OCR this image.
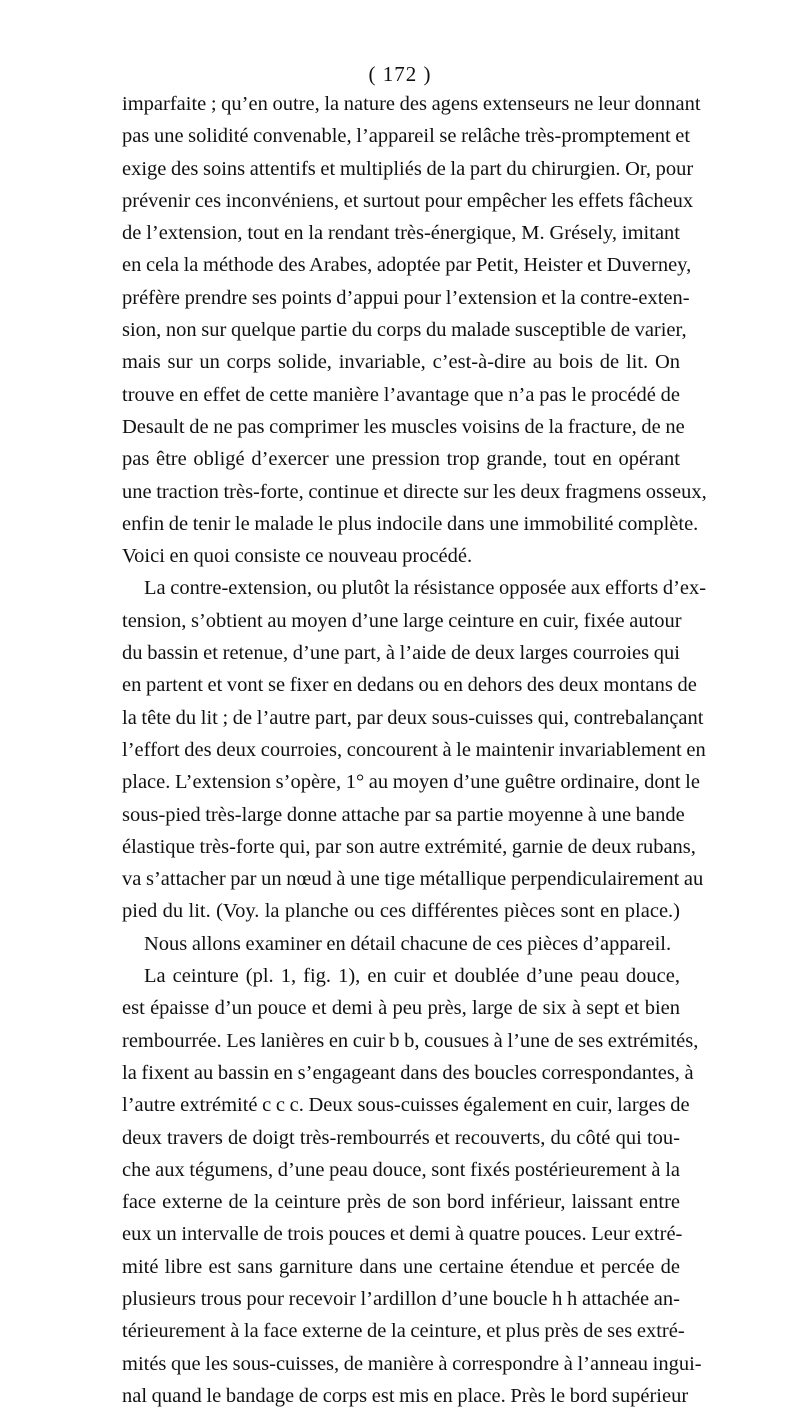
( 172 )
imparfaite ; qu’en outre, la nature des agens extenseurs ne leur donnant
pas une solidité convenable, l’appareil se relâche très-promptement et
exige des soins attentifs et multipliés de la part du chirurgien. Or, pour
prévenir ces inconvéniens, et surtout pour empêcher les effets fâcheux
de l’extension, tout en la rendant très-énergique, M. Grésely, imitant
en cela la méthode des Arabes, adoptée par Petit, Heister et Duverney,
préfère prendre ses points d’appui pour l’extension et la contre-exten-
sion, non sur quelque partie du corps du malade susceptible de varier,
mais sur un corps solide, invariable, c’est-à-dire au bois de lit. On
trouve en effet de cette manière l’avantage que n’a pas le procédé de
Desault de ne pas comprimer les muscles voisins de la fracture, de ne
pas être obligé d’exercer une pression trop grande, tout en opérant
une traction très-forte, continue et directe sur les deux fragmens osseux,
enfin de tenir le malade le plus indocile dans une immobilité complète.
Voici en quoi consiste ce nouveau procédé.
La contre-extension, ou plutôt la résistance opposée aux efforts d’ex-
tension, s’obtient au moyen d’une large ceinture en cuir, fixée autour
du bassin et retenue, d’une part, à l’aide de deux larges courroies qui
en partent et vont se fixer en dedans ou en dehors des deux montans de
la tête du lit ; de l’autre part, par deux sous-cuisses qui, contrebalançant
l’effort des deux courroies, concourent à le maintenir invariablement en
place. L’extension s’opère, 1° au moyen d’une guêtre ordinaire, dont le
sous-pied très-large donne attache par sa partie moyenne à une bande
élastique très-forte qui, par son autre extrémité, garnie de deux rubans,
va s’attacher par un nœud à une tige métallique perpendiculairement au
pied du lit. (Voy. la planche ou ces différentes pièces sont en place.)
Nous allons examiner en détail chacune de ces pièces d’appareil.
La ceinture (pl. 1, fig. 1), en cuir et doublée d’une peau douce,
est épaisse d’un pouce et demi à peu près, large de six à sept et bien
rembourrée. Les lanières en cuir b b, cousues à l’une de ses extrémités,
la fixent au bassin en s’engageant dans des boucles correspondantes, à
l’autre extrémité c c c. Deux sous-cuisses également en cuir, larges de
deux travers de doigt très-rembourrés et recouverts, du côté qui tou-
che aux tégumens, d’une peau douce, sont fixés postérieurement à la
face externe de la ceinture près de son bord inférieur, laissant entre
eux un intervalle de trois pouces et demi à quatre pouces. Leur extré-
mité libre est sans garniture dans une certaine étendue et percée de
plusieurs trous pour recevoir l’ardillon d’une boucle h h attachée an-
térieurement à la face externe de la ceinture, et plus près de ses extré-
mités que les sous-cuisses, de manière à correspondre à l’anneau ingui-
nal quand le bandage de corps est mis en place. Près le bord supérieur
